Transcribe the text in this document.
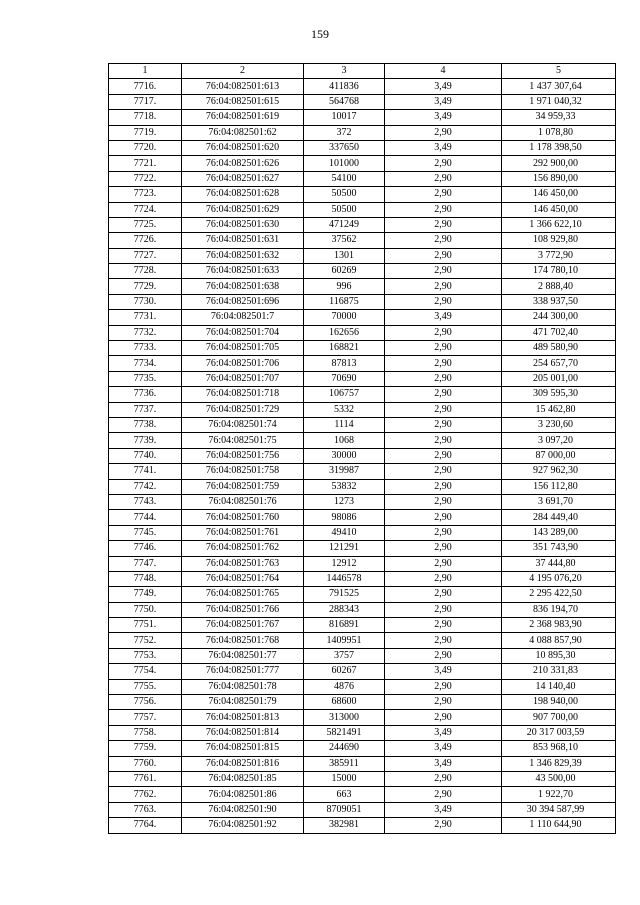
159
1	2	3	4	5
7716.	76:04:082501:613	411836	3,49	1 437 307,64
7717.	76:04:082501:615	564768	3,49	1 971 040,32
7718.	76:04:082501:619	10017	3,49	34 959,33
7719.	76:04:082501:62	372	2,90	1 078,80
7720.	76:04:082501:620	337650	3,49	1 178 398,50
7721.	76:04:082501:626	101000	2,90	292 900,00
7722.	76:04:082501:627	54100	2,90	156 890,00
7723.	76:04:082501:628	50500	2,90	146 450,00
7724.	76:04:082501:629	50500	2,90	146 450,00
7725.	76:04:082501:630	471249	2,90	1 366 622,10
7726.	76:04:082501:631	37562	2,90	108 929,80
7727.	76:04:082501:632	1301	2,90	3 772,90
7728.	76:04:082501:633	60269	2,90	174 780,10
7729.	76:04:082501:638	996	2,90	2 888,40
7730.	76:04:082501:696	116875	2,90	338 937,50
7731.	76:04:082501:7	70000	3,49	244 300,00
7732.	76:04:082501:704	162656	2,90	471 702,40
7733.	76:04:082501:705	168821	2,90	489 580,90
7734.	76:04:082501:706	87813	2,90	254 657,70
7735.	76:04:082501:707	70690	2,90	205 001,00
7736.	76:04:082501:718	106757	2,90	309 595,30
7737.	76:04:082501:729	5332	2,90	15 462,80
7738.	76:04:082501:74	1114	2,90	3 230,60
7739.	76:04:082501:75	1068	2,90	3 097,20
7740.	76:04:082501:756	30000	2,90	87 000,00
7741.	76:04:082501:758	319987	2,90	927 962,30
7742.	76:04:082501:759	53832	2,90	156 112,80
7743.	76:04:082501:76	1273	2,90	3 691,70
7744.	76:04:082501:760	98086	2,90	284 449,40
7745.	76:04:082501:761	49410	2,90	143 289,00
7746.	76:04:082501:762	121291	2,90	351 743,90
7747.	76:04:082501:763	12912	2,90	37 444,80
7748.	76:04:082501:764	1446578	2,90	4 195 076,20
7749.	76:04:082501:765	791525	2,90	2 295 422,50
7750.	76:04:082501:766	288343	2,90	836 194,70
7751.	76:04:082501:767	816891	2,90	2 368 983,90
7752.	76:04:082501:768	1409951	2,90	4 088 857,90
7753.	76:04:082501:77	3757	2,90	10 895,30
7754.	76:04:082501:777	60267	3,49	210 331,83
7755.	76:04:082501:78	4876	2,90	14 140,40
7756.	76:04:082501:79	68600	2,90	198 940,00
7757.	76:04:082501:813	313000	2,90	907 700,00
7758.	76:04:082501:814	5821491	3,49	20 317 003,59
7759.	76:04:082501:815	244690	3,49	853 968,10
7760.	76:04:082501:816	385911	3,49	1 346 829,39
7761.	76:04:082501:85	15000	2,90	43 500,00
7762.	76:04:082501:86	663	2,90	1 922,70
7763.	76:04:082501:90	8709051	3,49	30 394 587,99
7764.	76:04:082501:92	382981	2,90	1 110 644,90
